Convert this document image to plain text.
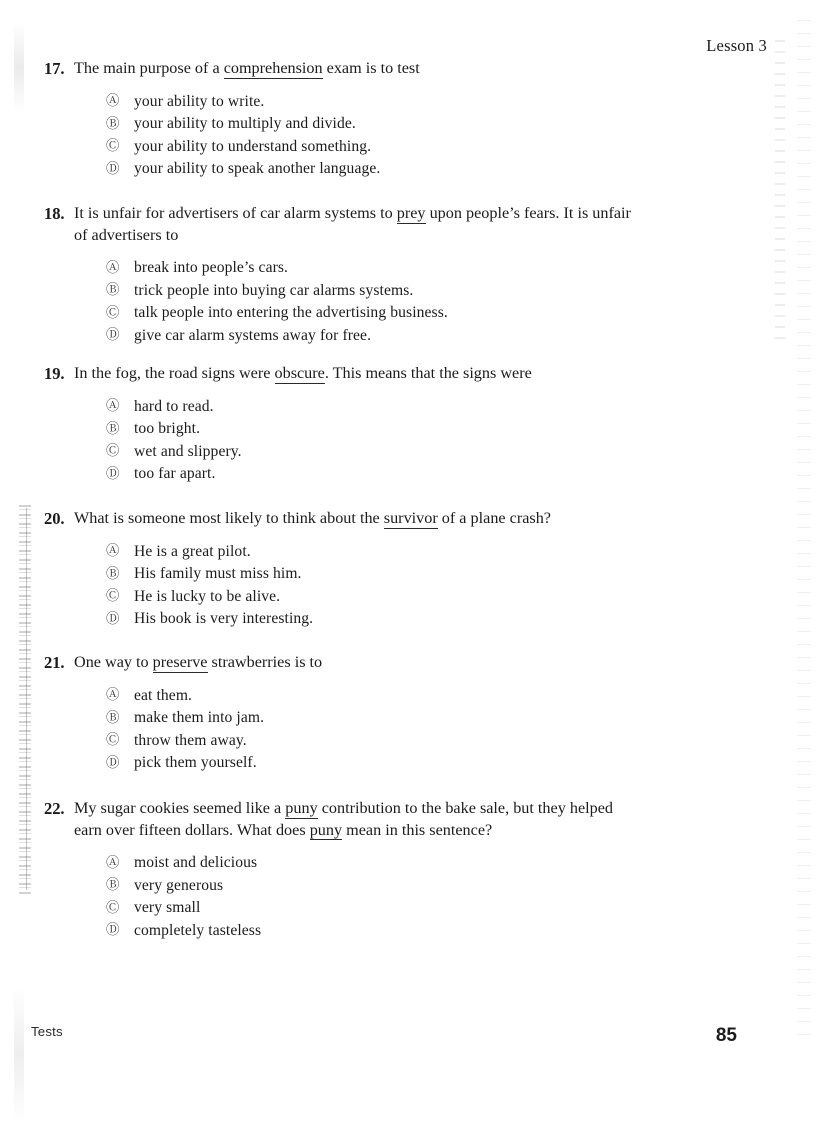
Lesson 3
17. The main purpose of a comprehension exam is to test
Ⓐ your ability to write.
Ⓑ your ability to multiply and divide.
Ⓒ your ability to understand something.
Ⓓ your ability to speak another language.
18. It is unfair for advertisers of car alarm systems to prey upon people’s fears. It is unfair of advertisers to
Ⓐ break into people’s cars.
Ⓑ trick people into buying car alarms systems.
Ⓒ talk people into entering the advertising business.
Ⓓ give car alarm systems away for free.
19. In the fog, the road signs were obscure. This means that the signs were
Ⓐ hard to read.
Ⓑ too bright.
Ⓒ wet and slippery.
Ⓓ too far apart.
20. What is someone most likely to think about the survivor of a plane crash?
Ⓐ He is a great pilot.
Ⓑ His family must miss him.
Ⓒ He is lucky to be alive.
Ⓓ His book is very interesting.
21. One way to preserve strawberries is to
Ⓐ eat them.
Ⓑ make them into jam.
Ⓒ throw them away.
Ⓓ pick them yourself.
22. My sugar cookies seemed like a puny contribution to the bake sale, but they helped earn over fifteen dollars. What does puny mean in this sentence?
Ⓐ moist and delicious
Ⓑ very generous
Ⓒ very small
Ⓓ completely tasteless
Tests	85
